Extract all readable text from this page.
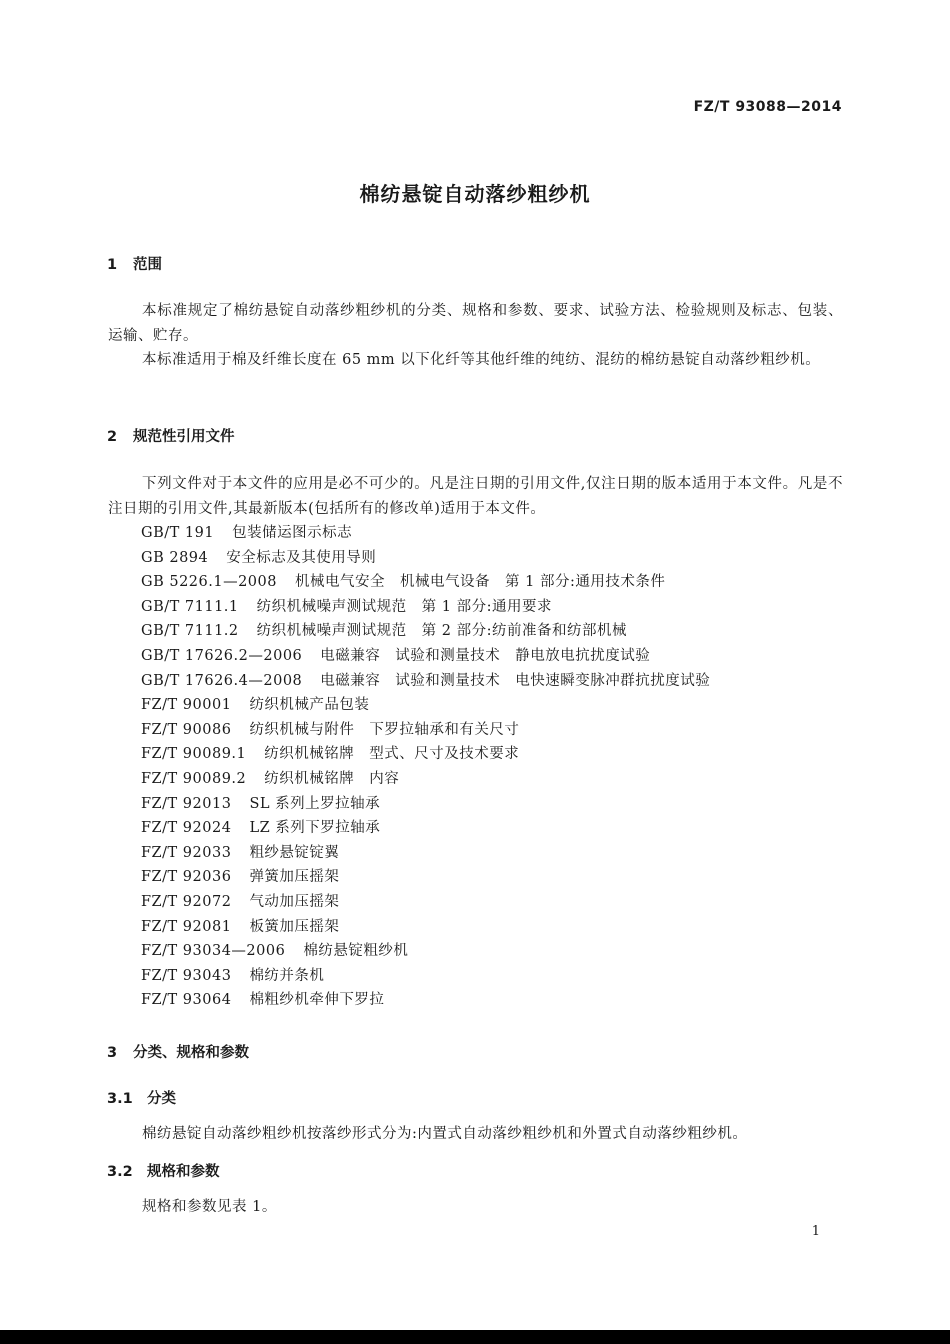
FZ/T 93088—2014
棉纺悬锭自动落纱粗纱机
1 范围
本标准规定了棉纺悬锭自动落纱粗纱机的分类、规格和参数、要求、试验方法、检验规则及标志、包装、运输、贮存。
本标准适用于棉及纤维长度在 65 mm 以下化纤等其他纤维的纯纺、混纺的棉纺悬锭自动落纱粗纱机。
2 规范性引用文件
下列文件对于本文件的应用是必不可少的。凡是注日期的引用文件,仅注日期的版本适用于本文件。凡是不注日期的引用文件,其最新版本(包括所有的修改单)适用于本文件。
GB/T 191 包装储运图示标志
GB 2894 安全标志及其使用导则
GB 5226.1—2008 机械电气安全　机械电气设备　第 1 部分:通用技术条件
GB/T 7111.1 纺织机械噪声测试规范　第 1 部分:通用要求
GB/T 7111.2 纺织机械噪声测试规范　第 2 部分:纺前准备和纺部机械
GB/T 17626.2—2006 电磁兼容　试验和测量技术　静电放电抗扰度试验
GB/T 17626.4—2008 电磁兼容　试验和测量技术　电快速瞬变脉冲群抗扰度试验
FZ/T 90001 纺织机械产品包装
FZ/T 90086 纺织机械与附件　下罗拉轴承和有关尺寸
FZ/T 90089.1 纺织机械铭牌　型式、尺寸及技术要求
FZ/T 90089.2 纺织机械铭牌　内容
FZ/T 92013 SL 系列上罗拉轴承
FZ/T 92024 LZ 系列下罗拉轴承
FZ/T 92033 粗纱悬锭锭翼
FZ/T 92036 弹簧加压摇架
FZ/T 92072 气动加压摇架
FZ/T 92081 板簧加压摇架
FZ/T 93034—2006 棉纺悬锭粗纱机
FZ/T 93043 棉纺并条机
FZ/T 93064 棉粗纱机牵伸下罗拉
3 分类、规格和参数
3.1 分类
棉纺悬锭自动落纱粗纱机按落纱形式分为:内置式自动落纱粗纱机和外置式自动落纱粗纱机。
3.2 规格和参数
规格和参数见表 1。
1
